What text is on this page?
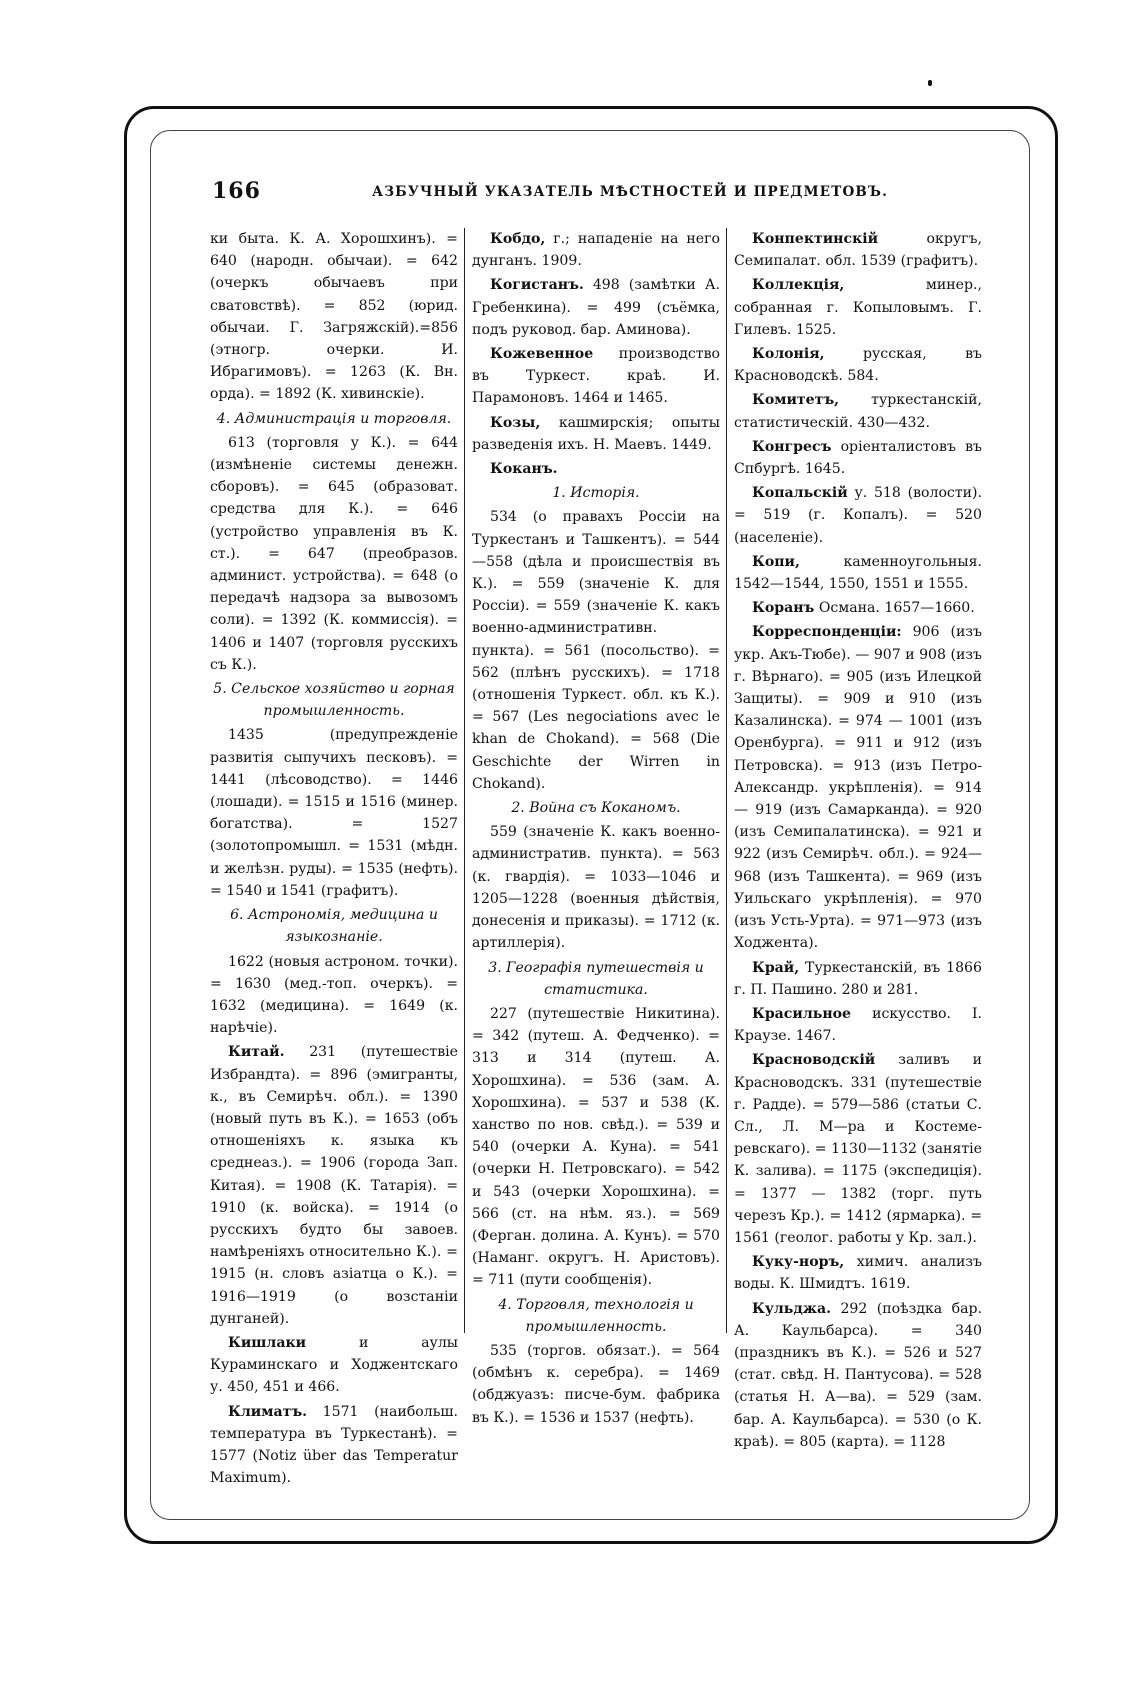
166	АЗБУЧНЫЙ УКАЗАТЕЛЬ МѢСТНОСТЕЙ И ПРЕДМЕТОВЪ.

ки быта. К. А. Хорошхинъ). = 640 (народн. обычаи). = 642 (очеркъ обычаевъ при сватовствѣ). = 852 (юрид. обычаи. Г. Загряжскій).=856 (этногр. очерки. И. Ибрагимовъ). = 1263 (К. Вн. орда). = 1892 (К. хивинскіе).

4. Администрація и торговля.

613 (торговля у К.). = 644 (измѣненіе системы денежн. сборовъ). = 645 (образоват. средства для К.). = 646 (устройство управленія въ К. ст.). = 647 (преобразов. админист. устройства). = 648 (о передачѣ надзора за вывозомъ соли). = 1392 (К. коммиссія). = 1406 и 1407 (торговля русскихъ съ К.).

5. Сельское хозяйство и горная промышленность.

1435 (предупрежденіе развитія сыпучихъ песковъ). = 1441 (лѣсоводство). = 1446 (лошади). = 1515 и 1516 (минер. богатства). = 1527 (золотопромышл. = 1531 (мѣдн. и желѣзн. руды). = 1535 (нефть). = 1540 и 1541 (графитъ).

6. Астрономія, медицина и языкознаніе.

1622 (новыя астроном. точки). = 1630 (мед.-топ. очеркъ). = 1632 (медицина). = 1649 (к. нарѣчіе).

Китай. 231 (путешествіе Избрандта). = 896 (эмигранты, к., въ Семирѣч. обл.). = 1390 (новый путь въ К.). = 1653 (объ отношеніяхъ к. языка къ среднеаз.). = 1906 (города Зап. Китая). = 1908 (К. Татарія). = 1910 (к. войска). = 1914 (о русскихъ будто бы завоев. намѣреніяхъ относительно К.). = 1915 (н. словъ азіатца о К.). = 1916—1919 (о возстаніи дунганей).

Кишлаки	и аулы Кураминскаго и Ходжентскаго у. 450, 451 и 466.

Климатъ. 1571 (наибольш. температура въ Туркестанѣ). = 1577 (Notiz über das Temperatur Maximum).

Кобдо, г.; нападеніе на него дунганъ. 1909.

Когистанъ. 498 (замѣтки А. Гребенкина). = 499 (съёмка, подъ руковод. бар. Аминова).

Кожевенное производство въ Туркест. краѣ. И. Парамоновъ. 1464 и 1465.

Козы, кашмирскія; опыты разведенія ихъ. Н. Маевъ. 1449.

Коканъ.

1. Исторія.

534 (о правахъ Россіи на Туркестанъ и Ташкентъ). = 544—558 (дѣла и происшествія въ К.). = 559 (значеніе К. для Россіи). = 559 (значеніе К. какъ военно-административн. пункта). = 561 (посольство). = 562 (плѣнъ русскихъ). = 1718 (отношенія Туркест. обл. къ К.). = 567 (Les negociations avec le khan de Chokand). = 568 (Die Geschichte der Wirren in Chokand).

2. Война съ Коканомъ.

559 (значеніе К. какъ военно-административ. пункта). = 563 (к. гвардія). = 1033—1046 и 1205—1228 (военныя дѣйствія, донесенія и приказы). = 1712 (к. артиллерія).

3. Географія путешествія и статистика.

227 (путешествіе Никитина). = 342 (путеш. А. Федченко). = 313 и 314 (путеш. А. Хорошхина). = 536 (зам. А. Хорошхина). = 537 и 538 (К. ханство по нов. свѣд.). = 539 и 540 (очерки А. Куна). = 541 (очерки Н. Петровскаго). = 542 и 543 (очерки Хорошхина). = 566 (ст. на нѣм. яз.). = 569 (Ферган. долина. А. Кунъ). = 570 (Наманг. округъ. Н. Аристовъ). = 711 (пути сообщенія).

4. Торговля, технологія и промышленность.

535 (торгов. обязат.). = 564 (обмѣнъ к. серебра). = 1469 (обджуазъ: писче-бум. фабрика въ К.). = 1536 и 1537 (нефть).

Конпектинскій	округъ, Семипалат. обл. 1539 (графитъ).

Коллекція,	минер., собранная г. Копыловымъ. Г. Гилевъ. 1525.

Колонія,	русская, въ Красноводскѣ. 584.

Комитетъ, туркестанскій, статистическій. 430—432.

Конгресъ оріенталистовъ въ Спбургѣ. 1645.

Копальскій у. 518 (волости). = 519 (г. Копалъ). = 520 (населеніе).

Копи,	каменноугольныя. 1542—1544, 1550, 1551 и 1555.

Коранъ Османа. 1657—1660.

Корреспонденціи: 906 (изъ укр. Акъ-Тюбе). — 907 и 908 (изъ г. Вѣрнаго). = 905 (изъ Илецкой Защиты). = 909 и 910 (изъ Казалинска). = 974 — 1001 (изъ Оренбурга). = 911 и 912 (изъ Петровска). = 913 (изъ Петро-Александр. укрѣпленія). = 914 — 919 (изъ Самарканда). = 920 (изъ Семипалатинска). = 921 и 922 (изъ Семирѣч. обл.). = 924—968 (изъ Ташкента). = 969 (изъ Уильскаго укрѣпленія). = 970 (изъ Усть-Урта). = 971—973 (изъ Ходжента).

Край, Туркестанскій, въ 1866 г. П. Пашино. 280 и 281.

Красильное искусство. I. Краузе. 1467.

Красноводскій заливъ и Красноводскъ. 331 (путешествіе г. Радде). = 579—586 (статьи С. Сл., Л. М—ра и Костеме-ревскаго). = 1130—1132 (занятіе К. залива). = 1175 (экспедиція). = 1377 — 1382 (торг. путь черезъ Кр.). = 1412 (ярмарка). = 1561 (геолог. работы у Кр. зал.).

Куку-норъ, химич. анализъ воды. К. Шмидтъ. 1619.

Кульджа. 292 (поѣздка бар. А. Каульбарса). = 340 (праздникъ въ К.). = 526 и 527 (стат. свѣд. Н. Пантусова). = 528 (статья Н. А—ва). = 529 (зам. бар. А. Каульбарса). = 530 (о К. краѣ). = 805 (карта). = 1128
